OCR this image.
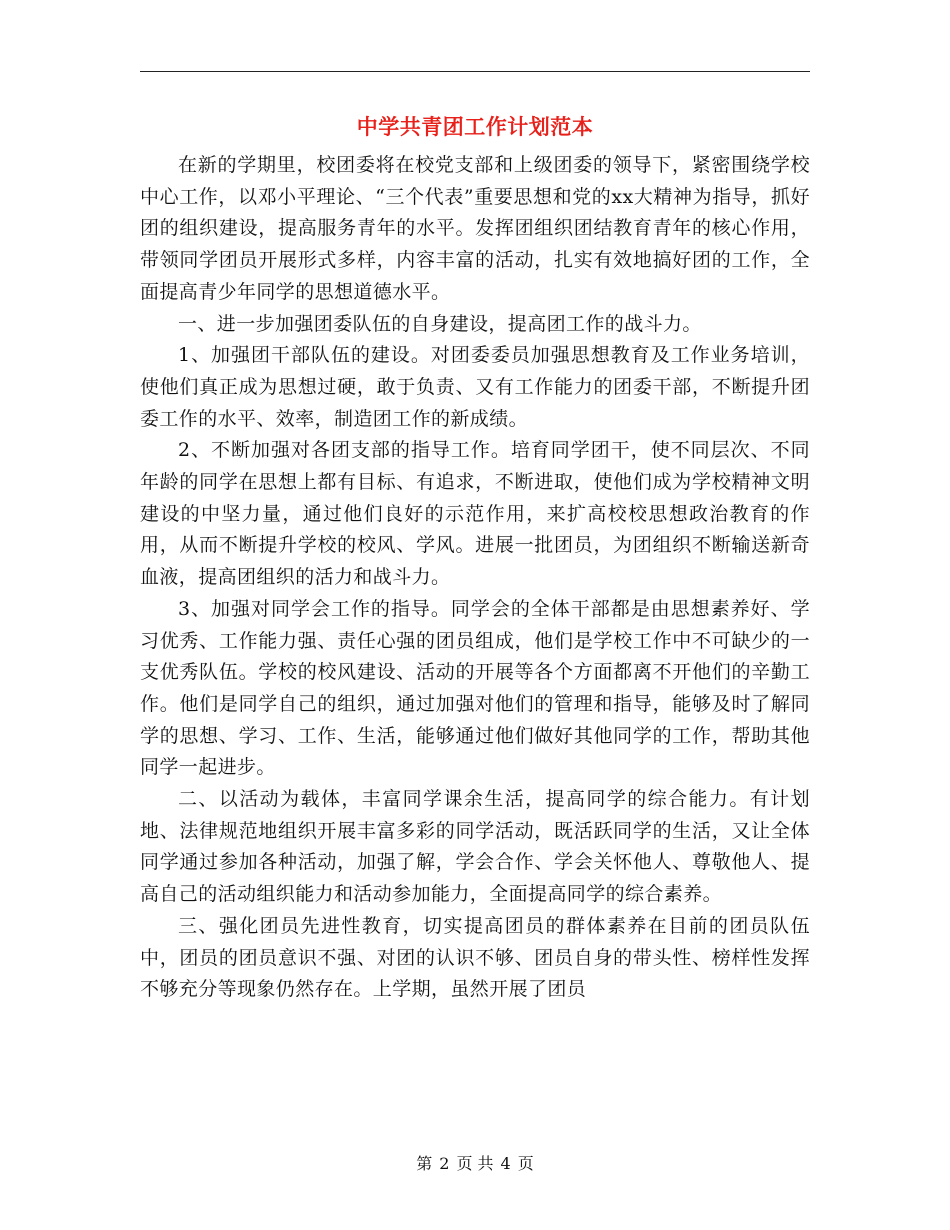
中学共青团工作计划范本

在新的学期里，校团委将在校党支部和上级团委的领导下，紧密围绕学校中心工作，以邓小平理论、“三个代表”重要思想和党的xx大精神为指导，抓好团的组织建设，提高服务青年的水平。发挥团组织团结教育青年的核心作用，带领同学团员开展形式多样，内容丰富的活动，扎实有效地搞好团的工作，全面提高青少年同学的思想道德水平。

一、进一步加强团委队伍的自身建设，提高团工作的战斗力。

1、加强团干部队伍的建设。对团委委员加强思想教育及工作业务培训，使他们真正成为思想过硬，敢于负责、又有工作能力的团委干部，不断提升团委工作的水平、效率，制造团工作的新成绩。

2、不断加强对各团支部的指导工作。培育同学团干，使不同层次、不同年龄的同学在思想上都有目标、有追求，不断进取，使他们成为学校精神文明建设的中坚力量，通过他们良好的示范作用，来扩高校校思想政治教育的作用，从而不断提升学校的校风、学风。进展一批团员，为团组织不断输送新奇血液，提高团组织的活力和战斗力。

3、加强对同学会工作的指导。同学会的全体干部都是由思想素养好、学习优秀、工作能力强、责任心强的团员组成，他们是学校工作中不可缺少的一支优秀队伍。学校的校风建设、活动的开展等各个方面都离不开他们的辛勤工作。他们是同学自己的组织，通过加强对他们的管理和指导，能够及时了解同学的思想、学习、工作、生活，能够通过他们做好其他同学的工作，帮助其他同学一起进步。

二、以活动为载体，丰富同学课余生活，提高同学的综合能力。有计划地、法律规范地组织开展丰富多彩的同学活动，既活跃同学的生活，又让全体同学通过参加各种活动，加强了解，学会合作、学会关怀他人、尊敬他人、提高自己的活动组织能力和活动参加能力，全面提高同学的综合素养。

三、强化团员先进性教育，切实提高团员的群体素养在目前的团员队伍中，团员的团员意识不强、对团的认识不够、团员自身的带头性、榜样性发挥不够充分等现象仍然存在。上学期，虽然开展了团员

第 2 页 共 4 页
